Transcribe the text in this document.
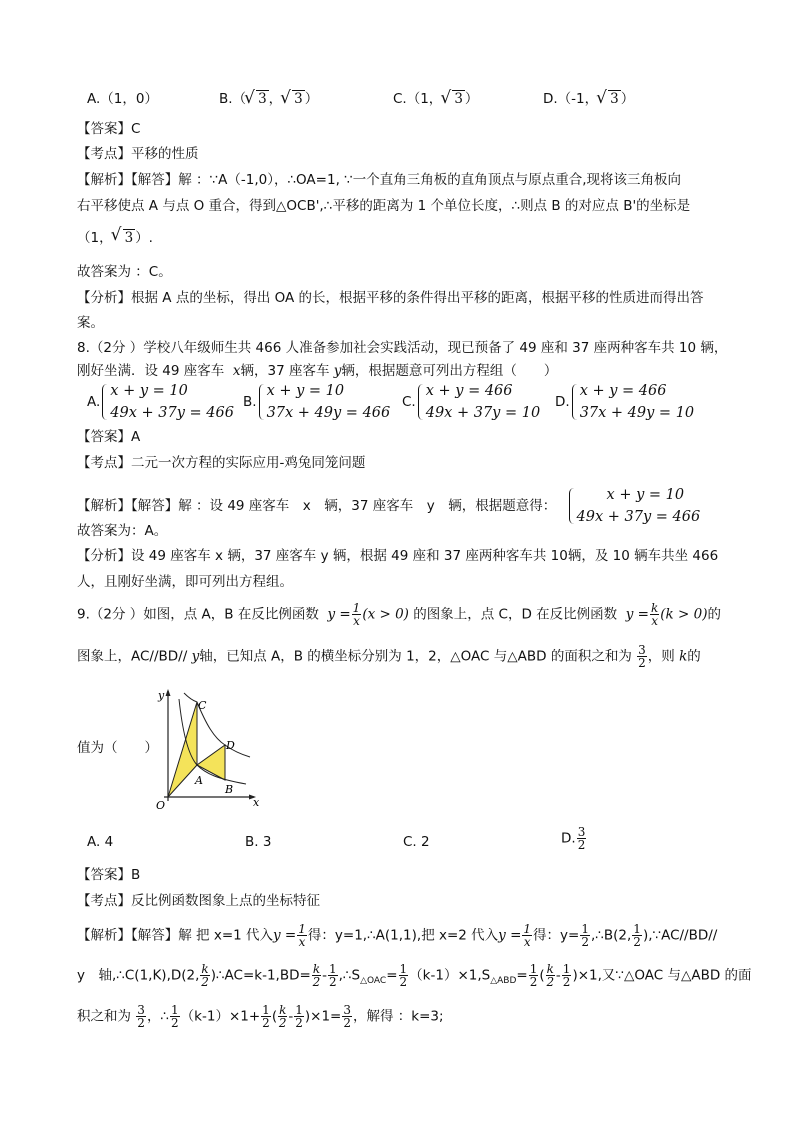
A.（1，0）	B.（ √ 3 ， √ 3 ）	C.（1， √ 3 ）	D.（-1， √ 3 ）
【答案】C
【考点】平移的性质
【解析】【解答】解 ：∵A（-1,0），∴OA=1, ∵一个直角三角板的直角顶点与原点重合,现将该三角板向
右平移使点 A 与点 O 重合，得到△OCB',∴平移的距离为 1 个单位长度，∴则点 B 的对应点 B'的坐标是
（1， √ 3 ）.
故答案为 ：C。
【分析】根据 A 点的坐标，得出 OA 的长，根据平移的条件得出平移的距离，根据平移的性质进而得出答
案。
8.（2分 ）学校八年级师生共 466 人准备参加社会实践活动，现已预备了 49 座和 37 座两种客车共 10 辆，
刚好坐满．设 49 座客车 x辆，37 座客车 y辆，根据题意可列出方程组（　　）
A.
x + y = 10
49x + 37y = 466
B.
x + y = 10
37x + 49y = 466
C.
x + y = 466
49x + 37y = 10
D.
x + y = 466
37x + 49y = 10
【答案】A
【考点】二元一次方程的实际应用-鸡兔同笼问题
【解析】【解答】解 ：设 49 座客车　x　辆，37 座客车　y　辆，根据题意得：
x + y = 10
49x + 37y = 466
故答案为：A。
【分析】设 49 座客车 x 辆，37 座客车 y 辆，根据 49 座和 37 座两种客车共 10辆，及 10 辆车共坐 466
人，且刚好坐满，即可列出方程组。
9.（2分 ）如图，点 A，B 在反比例函数 $y = \frac{1}{x} (x > 0)$ 的图象上，点 C，D 在反比例函数 $y = \frac{k}{x} (k > 0)$的
图象上，AC//BD// y轴，已知点 A，B 的横坐标分别为 1，2，△OAC 与△ABD 的面积之和为 $\frac{3}{2}$ ，则 k的
值为（　　）
y
x
O
C
D
A
B
A. 4	B. 3	C. 2	D. $\frac{3}{2}$
【答案】B
【考点】反比例函数图象上点的坐标特征
【解析】【解答】解 把 x=1 代入$y = \frac{1}{x}$ 得：y=1,∴A(1,1),把 x=2 代入$y = \frac{1}{x}$ 得：$y= \frac{1}{2}$ ,∴B(2, $\frac{1}{2}$ ),∵AC//BD//
y　轴,∴C(1,K),D(2, $\frac{k}{2}$ )∴AC=k-1,BD= $\frac{k}{2} - \frac{1}{2}$ $,\therefore S_{\triangle OAC}= \frac{1}{2} (k-1)\times 1,S_{\triangle ABD}= \frac{1}{2}$ ( $\frac{k}{2} - \frac{1}{2} )\times 1$,又∵△OAC 与△ABD 的面
积之和为 $\frac{3}{2}$ ，∴ $\frac{1}{2} (k-1)\times 1+ \frac{1}{2}$ ( $\frac{k}{2} - \frac{1}{2} )\times 1= \frac{3}{2}$ ，解得 ：k=3;
